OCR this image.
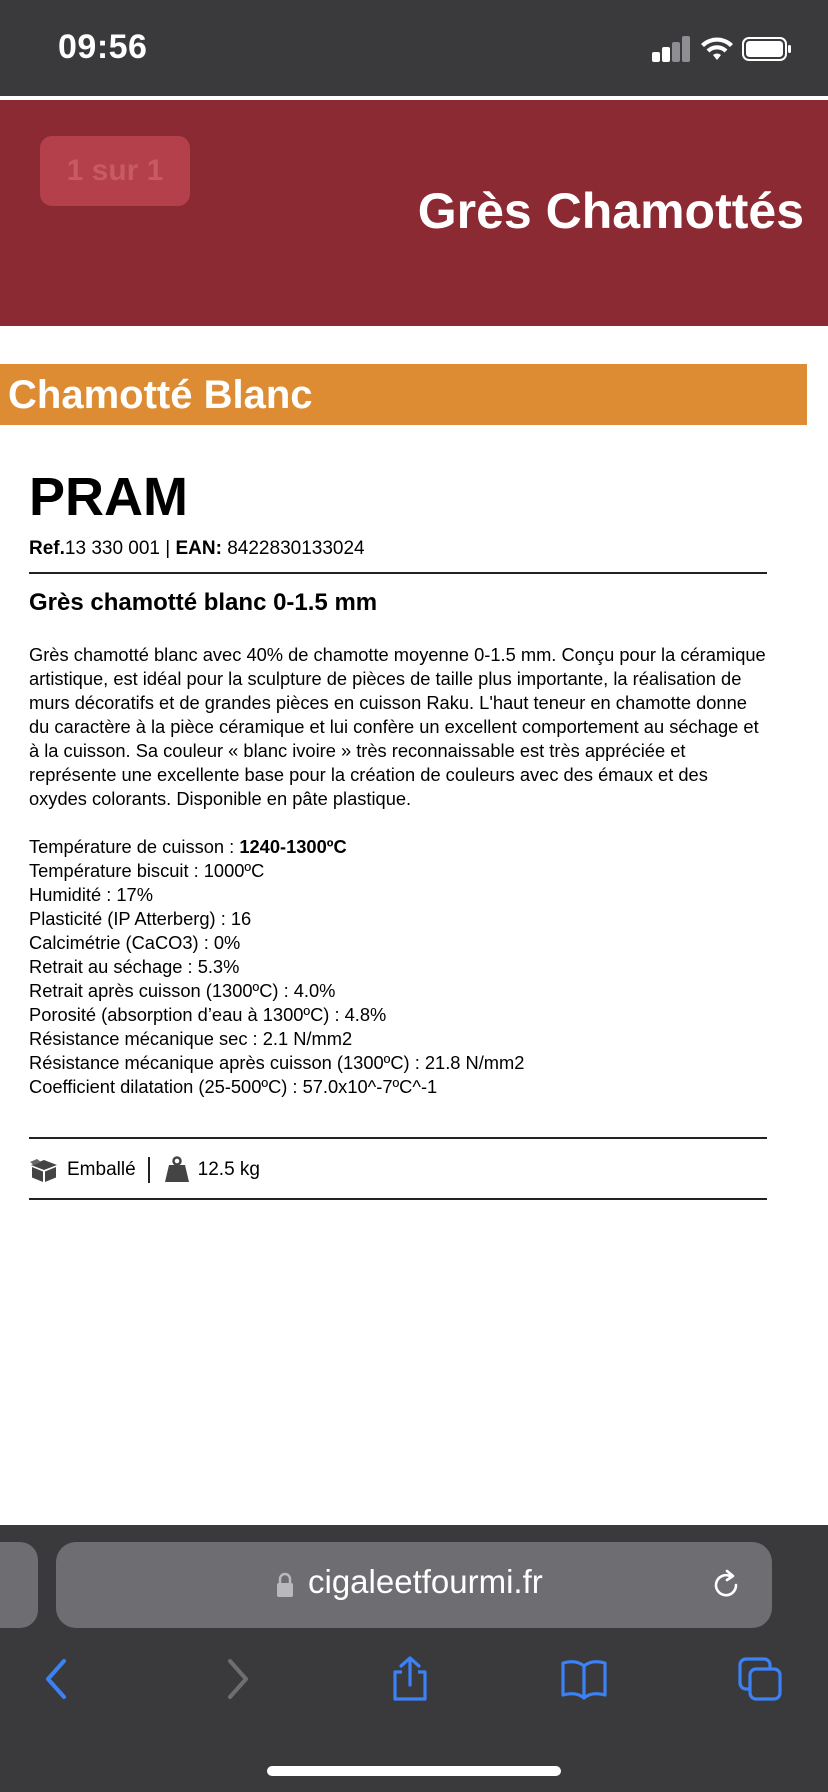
09:56
1 sur 1
Grès Chamottés
Chamotté Blanc
PRAM
Ref.13 330 001 | EAN: 8422830133024
Grès chamotté blanc 0-1.5 mm
Grès chamotté blanc avec 40% de chamotte moyenne 0-1.5 mm. Conçu pour la céramique artistique, est idéal pour la sculpture de pièces de taille plus importante, la réalisation de murs décoratifs et de grandes pièces en cuisson Raku. L'haut teneur en chamotte donne du caractère à la pièce céramique et lui confère un excellent comportement au séchage et à la cuisson. Sa couleur « blanc ivoire » très reconnaissable est très appréciée et représente une excellente base pour la création de couleurs avec des émaux et des oxydes colorants. Disponible en pâte plastique.
Température de cuisson : 1240-1300ºC
Température biscuit : 1000ºC
Humidité : 17%
Plasticité (IP Atterberg) : 16
Calcimétrie (CaCO3) : 0%
Retrait au séchage : 5.3%
Retrait après cuisson (1300ºC) : 4.0%
Porosité (absorption d’eau à 1300ºC) : 4.8%
Résistance mécanique sec : 2.1 N/mm2
Résistance mécanique après cuisson (1300ºC) : 21.8 N/mm2
Coefficient dilatation (25-500ºC) : 57.0x10^-7ºC^-1
Emballé	12.5 kg
cigaleetfourmi.fr
